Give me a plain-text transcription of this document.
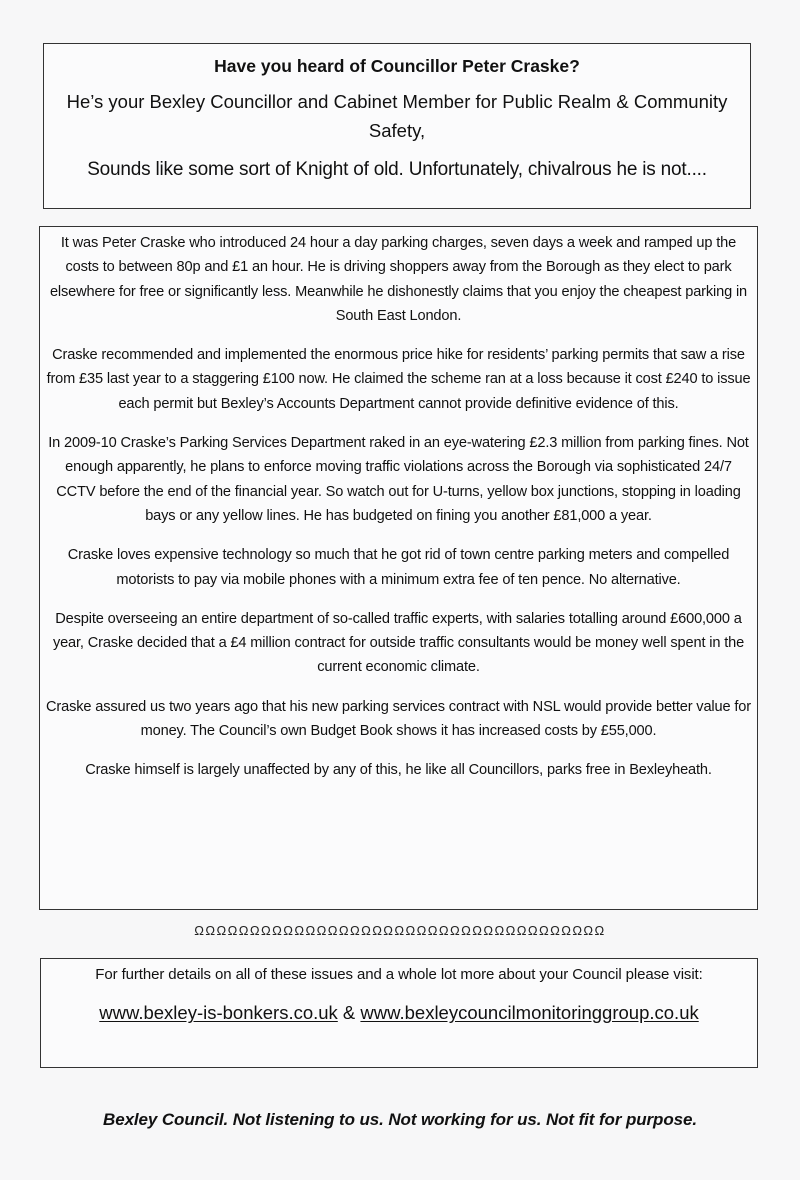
Have you heard of Councillor Peter Craske?
He’s your Bexley Councillor and Cabinet Member for Public Realm & Community Safety,
Sounds like some sort of Knight of old. Unfortunately, chivalrous he is not....

It was Peter Craske who introduced 24 hour a day parking charges, seven days a week and ramped up the costs to between 80p and £1 an hour. He is driving shoppers away from the Borough as they elect to park elsewhere for free or significantly less. Meanwhile he dishonestly claims that you enjoy the cheapest parking in South East London.

Craske recommended and implemented the enormous price hike for residents’ parking permits that saw a rise from £35 last year to a staggering £100 now. He claimed the scheme ran at a loss because it cost £240 to issue each permit but Bexley’s Accounts Department cannot provide definitive evidence of this.

In 2009-10 Craske’s Parking Services Department raked in an eye-watering £2.3 million from parking fines. Not enough apparently, he plans to enforce moving traffic violations across the Borough via sophisticated 24/7 CCTV before the end of the financial year. So watch out for U-turns, yellow box junctions, stopping in loading bays or any yellow lines. He has budgeted on fining you another £81,000 a year.

Craske loves expensive technology so much that he got rid of town centre parking meters and compelled motorists to pay via mobile phones with a minimum extra fee of ten pence. No alternative.

Despite overseeing an entire department of so-called traffic experts, with salaries totalling around £600,000 a year, Craske decided that a £4 million contract for outside traffic consultants would be money well spent in the current economic climate.

Craske assured us two years ago that his new parking services contract with NSL would provide better value for money. The Council’s own Budget Book shows it has increased costs by £55,000.

Craske himself is largely unaffected by any of this, he like all Councillors, parks free in Bexleyheath.

ΩΩΩΩΩΩΩΩΩΩΩΩΩΩΩΩΩΩΩΩΩΩΩΩΩΩΩΩΩΩΩΩΩΩΩΩΩ
For further details on all of these issues and a whole lot more about your Council please visit:
www.bexley-is-bonkers.co.uk & www.bexleycouncilmonitoringgroup.co.uk
Bexley Council. Not listening to us. Not working for us. Not fit for purpose.
